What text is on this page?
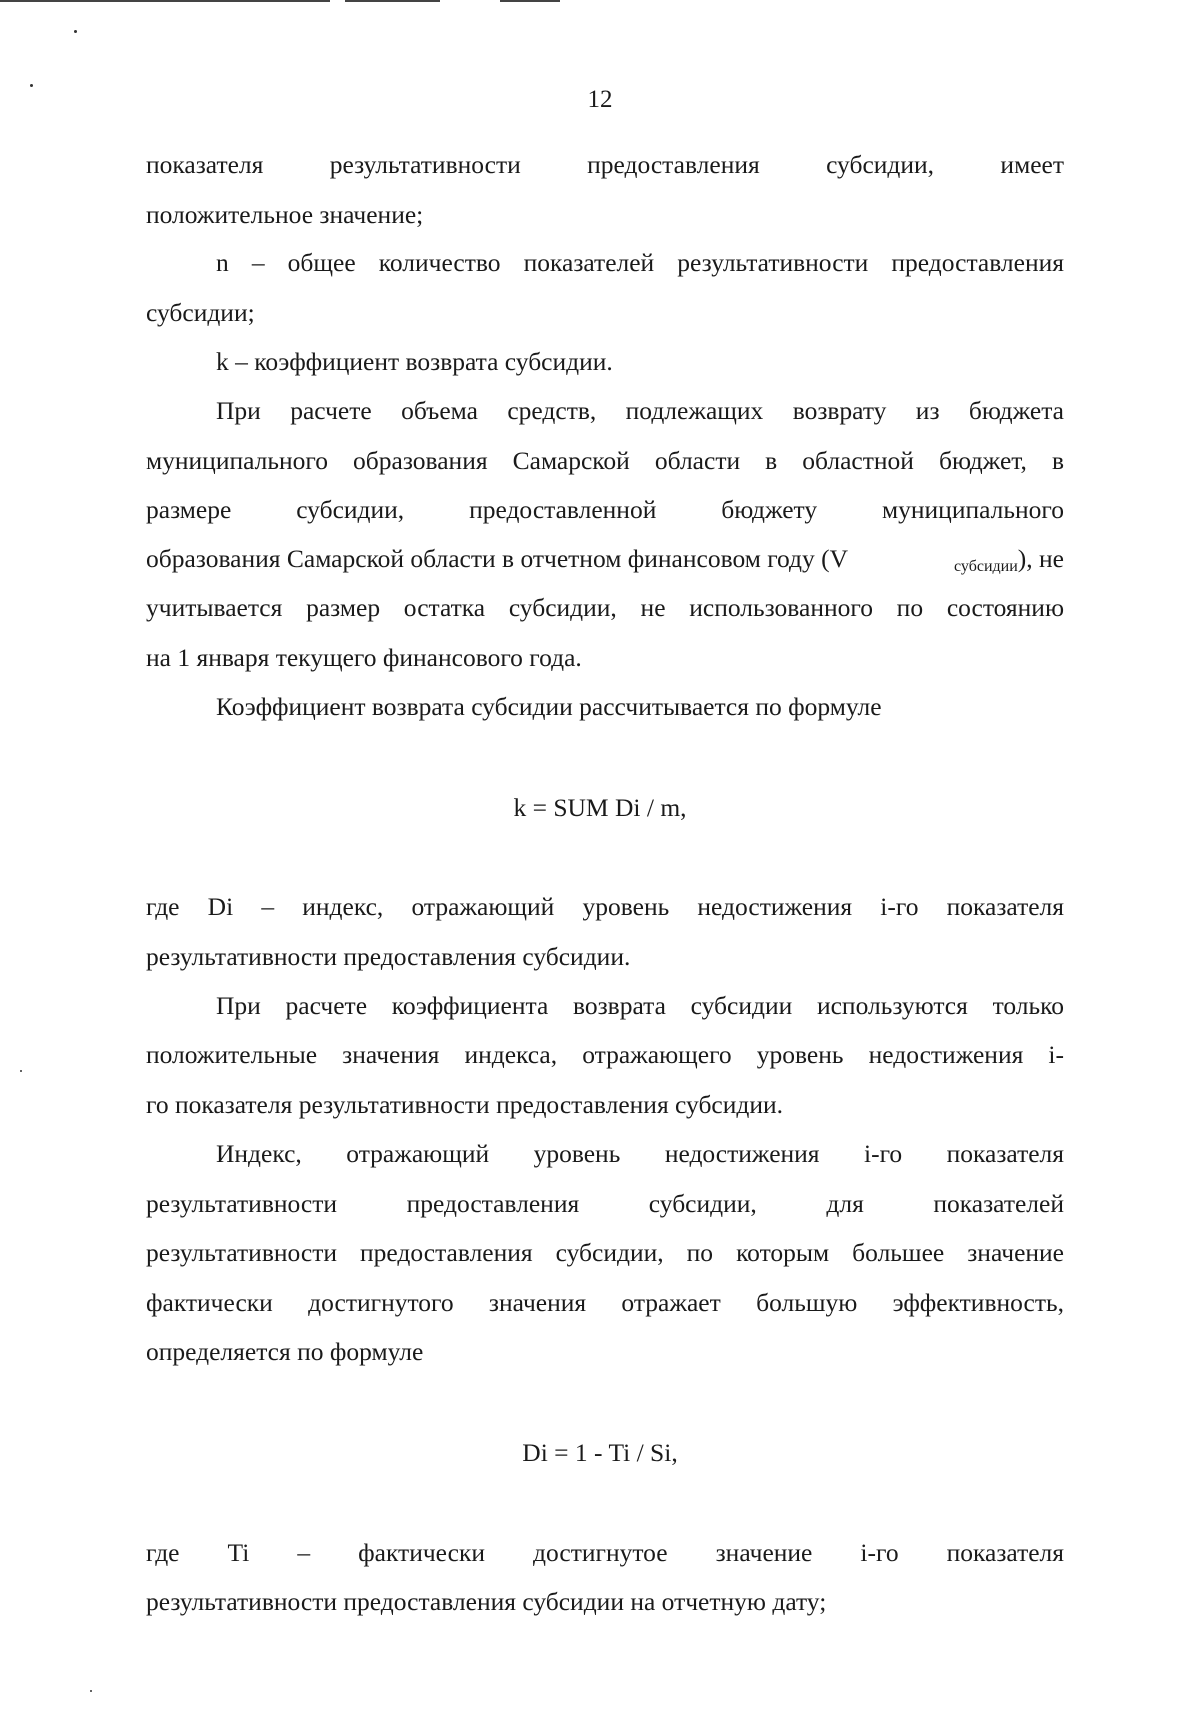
12
показателя результативности предоставления субсидии, имеет
положительное значение;
n – общее количество показателей результативности предоставления
субсидии;
k – коэффициент возврата субсидии.
При расчете объема средств, подлежащих возврату из бюджета
муниципального образования Самарской области в областной бюджет, в
размере субсидии, предоставленной бюджету муниципального
образования Самарской области в отчетном финансовом году (V	$_{субсидии}$), не
учитывается размер остатка субсидии, не использованного по состоянию
на 1 января текущего финансового года.
Коэффициент возврата субсидии рассчитывается по формуле
k = SUM Di / m,
где Di – индекс, отражающий уровень недостижения i-го показателя
результативности предоставления субсидии.
При расчете коэффициента возврата субсидии используются только
положительные значения индекса, отражающего уровень недостижения i-
го показателя результативности предоставления субсидии.
Индекс, отражающий уровень недостижения i-го показателя
результативности предоставления субсидии, для показателей
результативности предоставления субсидии, по которым большее значение
фактически достигнутого значения отражает большую эффективность,
определяется по формуле
Di = 1 - Ti / Si,
где Ti – фактически достигнутое значение i-го показателя
результативности предоставления субсидии на отчетную дату;
